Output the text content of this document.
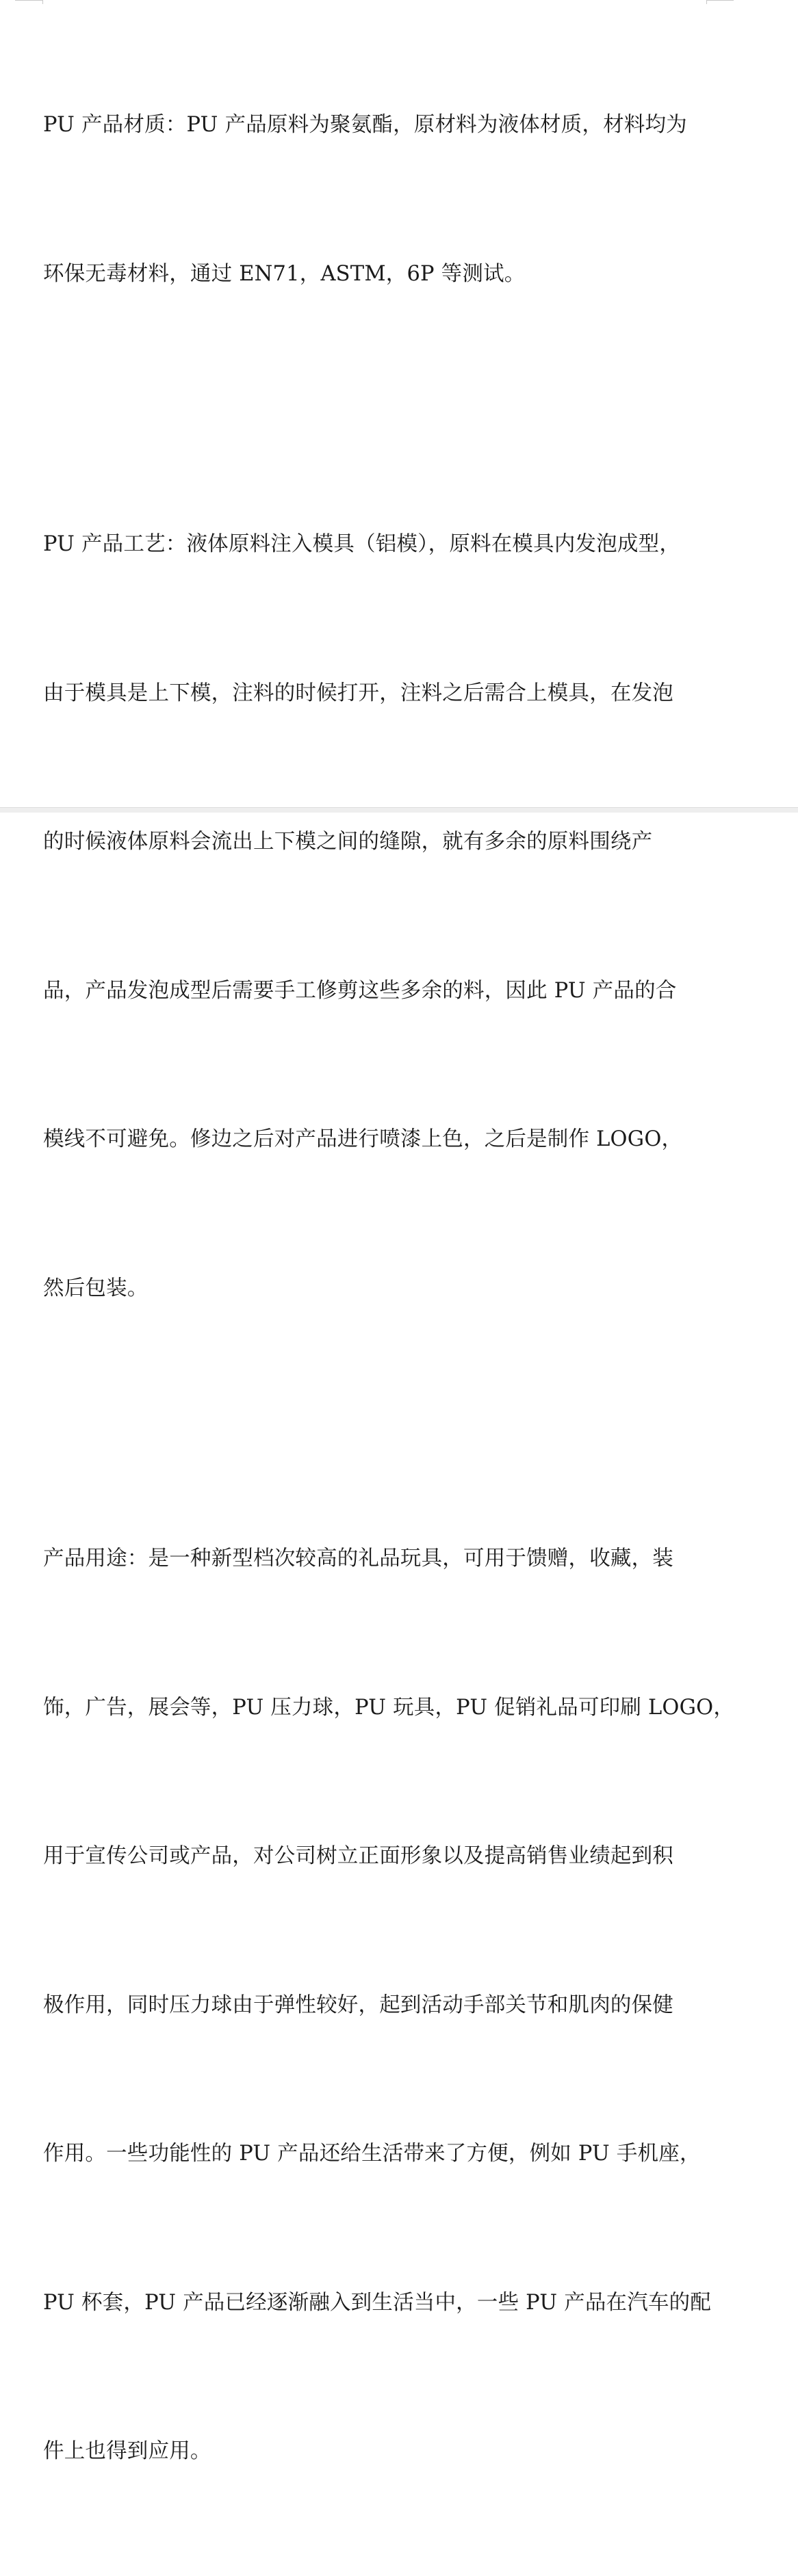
PU 产品材质：PU 产品原料为聚氨酯，原材料为液体材质，材料均为

环保无毒材料，通过 EN71，ASTM，6P 等测试。

PU 产品工艺：液体原料注入模具（铝模），原料在模具内发泡成型，

由于模具是上下模，注料的时候打开，注料之后需合上模具，在发泡

的时候液体原料会流出上下模之间的缝隙，就有多余的原料围绕产

品，产品发泡成型后需要手工修剪这些多余的料，因此 PU 产品的合

模线不可避免。修边之后对产品进行喷漆上色，之后是制作 LOGO，

然后包装。

产品用途：是一种新型档次较高的礼品玩具，可用于馈赠，收藏，装

饰，广告，展会等，PU 压力球，PU 玩具，PU 促销礼品可印刷 LOGO，

用于宣传公司或产品，对公司树立正面形象以及提高销售业绩起到积

极作用，同时压力球由于弹性较好，起到活动手部关节和肌肉的保健

作用。一些功能性的 PU 产品还给生活带来了方便，例如 PU 手机座，

PU 杯套，PU 产品已经逐渐融入到生活当中，一些 PU 产品在汽车的配

件上也得到应用。
